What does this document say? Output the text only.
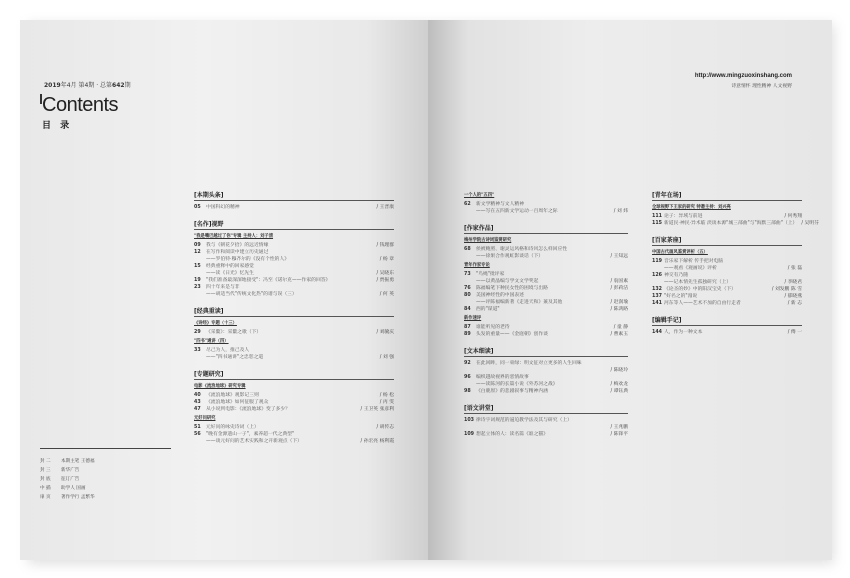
2019年4月 第4期 · 总第642期
Contents
目 录
[本期头条]
05	中国科幻的精神	/ 王晋康
[名作]视野
"我是嘴巴越过了你"专辑 主持人：刘子清
09	我与《朝花夕拾》的远近情缘	/ 钱理群
12	在写作和阅读中建立历史通过
——罗伯特·穆齐尔的《没有个性的人》	/ 杨 章
15	经典重释中的回家感觉
——读《日光》忆先生	/ 吴晓东
19	"我们准备最深深地接受"：冯至《诺尔克——作家的回答》	/ 贾振勇
23	四十年来是与非
——胡适当代"传统文化热"的谱与误（三）	/ 何 英
[经典重读]
《诗经》专题（十三）
29	《采蘩》：采蘩之歌（下）	/ 刘毓庆
"四书"通讲（四）
33	尽己为人，推己及人
——"四书通讲"之忠恕之道	/ 刘 强
[专题研究]
电影《流浪地球》研究专辑
40	《流浪地球》观影记三则	/ 杨 松
43	《流浪地球》如何征服了观众	/ 丙 雯
47	从小说到电影：《流浪地球》变了多少？	/ 王卫英 张彦利
元好问研究
51	元好问的咏史诗词（上）	/ 胡传志
56	"晚有金源遗山一子"，素养超一代之典型"
——谈元好问的艺术实践和之开新观点（下）	/ 孙宏亮 杨利霞
封 二	本期主笔 王德福
封 三	新华广告
封 底	征订广告
中 插	助学人 国画
扉 页	著作学行 孟繁华
http://www.mingzuoxinshang.com
诗意情怀 理性精神 人文视野
一个人的"五四"
62	新文学精神与文人精神
——写在五四新文学运动一百周年之际	/ 刘 炜
[作家作品]
梅州学院古诗词鉴赏研究
68	侯被鲍照、谢灵运风格和诗风怎么样回应性
——徐果合作观虹影谈话（下）	/ 王知远
青年作家专论
73	"鸟绳"批评家
——以黄晶编与学文文学奖起	/ 翁国素
76	陈福编笔下种民女性的困境与出路	/ 彭莉洁
80	美国神经性的中国表述
——评陈福编新著《走进天和》兼及其他	/ 赵润瑜
84	西的"谋道"	/ 陈鸿路
新作速评
87	谁能听见的老待	/ 童 静
89	头发的重量——《金庭朝》创作谈	/ 曹素玉
[文本细读]
92	在此回眸，同一束绿：明文征对立更多的人生回味
/ 陈晓玲
96	编织越故视界的恶情故事
——读陈河的长篇小说《外苏河之战》	/ 梅欢龙
98	《白鹿原》的悲剧叙事与精神内涵	/ 谭钰典
[语文讲堂]
103 律诗字词规范的逼迫教学法及其与研究（上）
/ 王兆鹏
109 想起立体的人：读名篇《谁之猫》	/ 陈锋平
[青年在场]
全球视野下王家的研究 特邀主持：刘兴亮
111 论子：异域与前进	/ 何秀翔
115 新道民·神民·异术临 淡谈本源"城三部曲"与"海默三部曲"（上） / 吴明芬
[百家茶座]
中国古代画风鉴赏评析（五）
119 音乐家下解析 传手把对电脑
——观看《观画说》评析	/ 张 磊
126 神交有乃随
——记本情先生孤独研究（上）	/ 李晓君
132 《论圣的妙》中的阳汉宝史（下）	/ 刘发鹏 陈 雪
137 "好名之的"漫说	/ 郁晓燕
141 河东等人——艺术不加的自由行走者	/ 新 志
[编辑手记]
144 人，作为一种文本	/ 傅 一
